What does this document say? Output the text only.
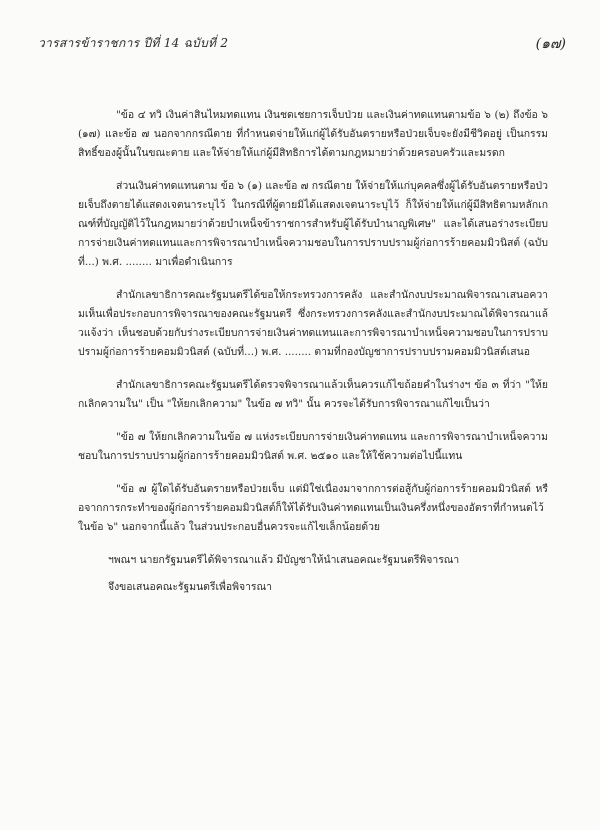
วารสารข้าราชการ ปีที่ 14 ฉบับที่ 2	(๑๗)

"ข้อ ๔ ทวิ เงินค่าสินไหมทดแทน เงินชดเชยการเจ็บป่วย และเงินค่าทดแทนตามข้อ ๖ (๒) ถึงข้อ ๖ (๑๗) และข้อ ๗ นอกจากกรณีตาย ที่กำหนดจ่ายให้แก่ผู้ได้รับอันตรายหรือป่วยเจ็บจะยังมีชีวิตอยู่ เป็นกรรมสิทธิ์ของผู้นั้นในขณะตาย และให้จ่ายให้แก่ผู้มีสิทธิการได้ตามกฎหมายว่าด้วยครอบครัวและมรดก

ส่วนเงินค่าทดแทนตาม ข้อ ๖ (๑) และข้อ ๗ กรณีตาย ให้จ่ายให้แก่บุคคลซึ่งผู้ได้รับอันตรายหรือป่วยเจ็บถึงตายได้แสดงเจตนาระบุไว้ ในกรณีที่ผู้ตายมิได้แสดงเจตนาระบุไว้ ก็ให้จ่ายให้แก่ผู้มีสิทธิตามหลักเกณฑ์ที่บัญญัติไว้ในกฎหมายว่าด้วยบำเหน็จข้าราชการสำหรับผู้ได้รับบำนาญพิเศษ" และได้เสนอร่างระเบียบการจ่ายเงินค่าทดแทนและการพิจารณาบำเหน็จความชอบในการปราบปรามผู้ก่อการร้ายคอมมิวนิสต์ (ฉบับที่...) พ.ศ. ........ มาเพื่อดำเนินการ

สำนักเลขาธิการคณะรัฐมนตรีได้ขอให้กระทรวงการคลัง และสำนักงบประมาณพิจารณาเสนอความเห็นเพื่อประกอบการพิจารณาของคณะรัฐมนตรี ซึ่งกระทรวงการคลังและสำนักงบประมาณได้พิจารณาแล้วแจ้งว่า เห็นชอบด้วยกับร่างระเบียบการจ่ายเงินค่าทดแทนและการพิจารณาบำเหน็จความชอบในการปราบปรามผู้ก่อการร้ายคอมมิวนิสต์ (ฉบับที่...) พ.ศ. ........ ตามที่กองบัญชาการปราบปรามคอมมิวนิสต์เสนอ

สำนักเลขาธิการคณะรัฐมนตรีได้ตรวจพิจารณาแล้วเห็นควรแก้ไขถ้อยคำในร่างฯ ข้อ ๓ ที่ว่า "ให้ยกเลิกความใน" เป็น "ให้ยกเลิกความ" ในข้อ ๗ ทวิ" นั้น ควรจะได้รับการพิจารณาแก้ไขเป็นว่า

"ข้อ ๗ ให้ยกเลิกความในข้อ ๗ แห่งระเบียบการจ่ายเงินค่าทดแทน และการพิจารณาบำเหน็จความชอบในการปราบปรามผู้ก่อการร้ายคอมมิวนิสต์ พ.ศ. ๒๕๑๐ และให้ใช้ความต่อไปนี้แทน

"ข้อ ๗ ผู้ใดได้รับอันตรายหรือป่วยเจ็บ แต่มิใช่เนื่องมาจากการต่อสู้กับผู้ก่อการร้ายคอมมิวนิสต์ หรือจากการกระทำของผู้ก่อการร้ายคอมมิวนิสต์ก็ให้ได้รับเงินค่าทดแทนเป็นเงินครึ่งหนึ่งของอัตราที่กำหนดไว้ในข้อ ๖" นอกจากนี้แล้ว ในส่วนประกอบอื่นควรจะแก้ไขเล็กน้อยด้วย

ฯพณฯ นายกรัฐมนตรีได้พิจารณาแล้ว มีบัญชาให้นำเสนอคณะรัฐมนตรีพิจารณา

จึงขอเสนอคณะรัฐมนตรีเพื่อพิจารณา
